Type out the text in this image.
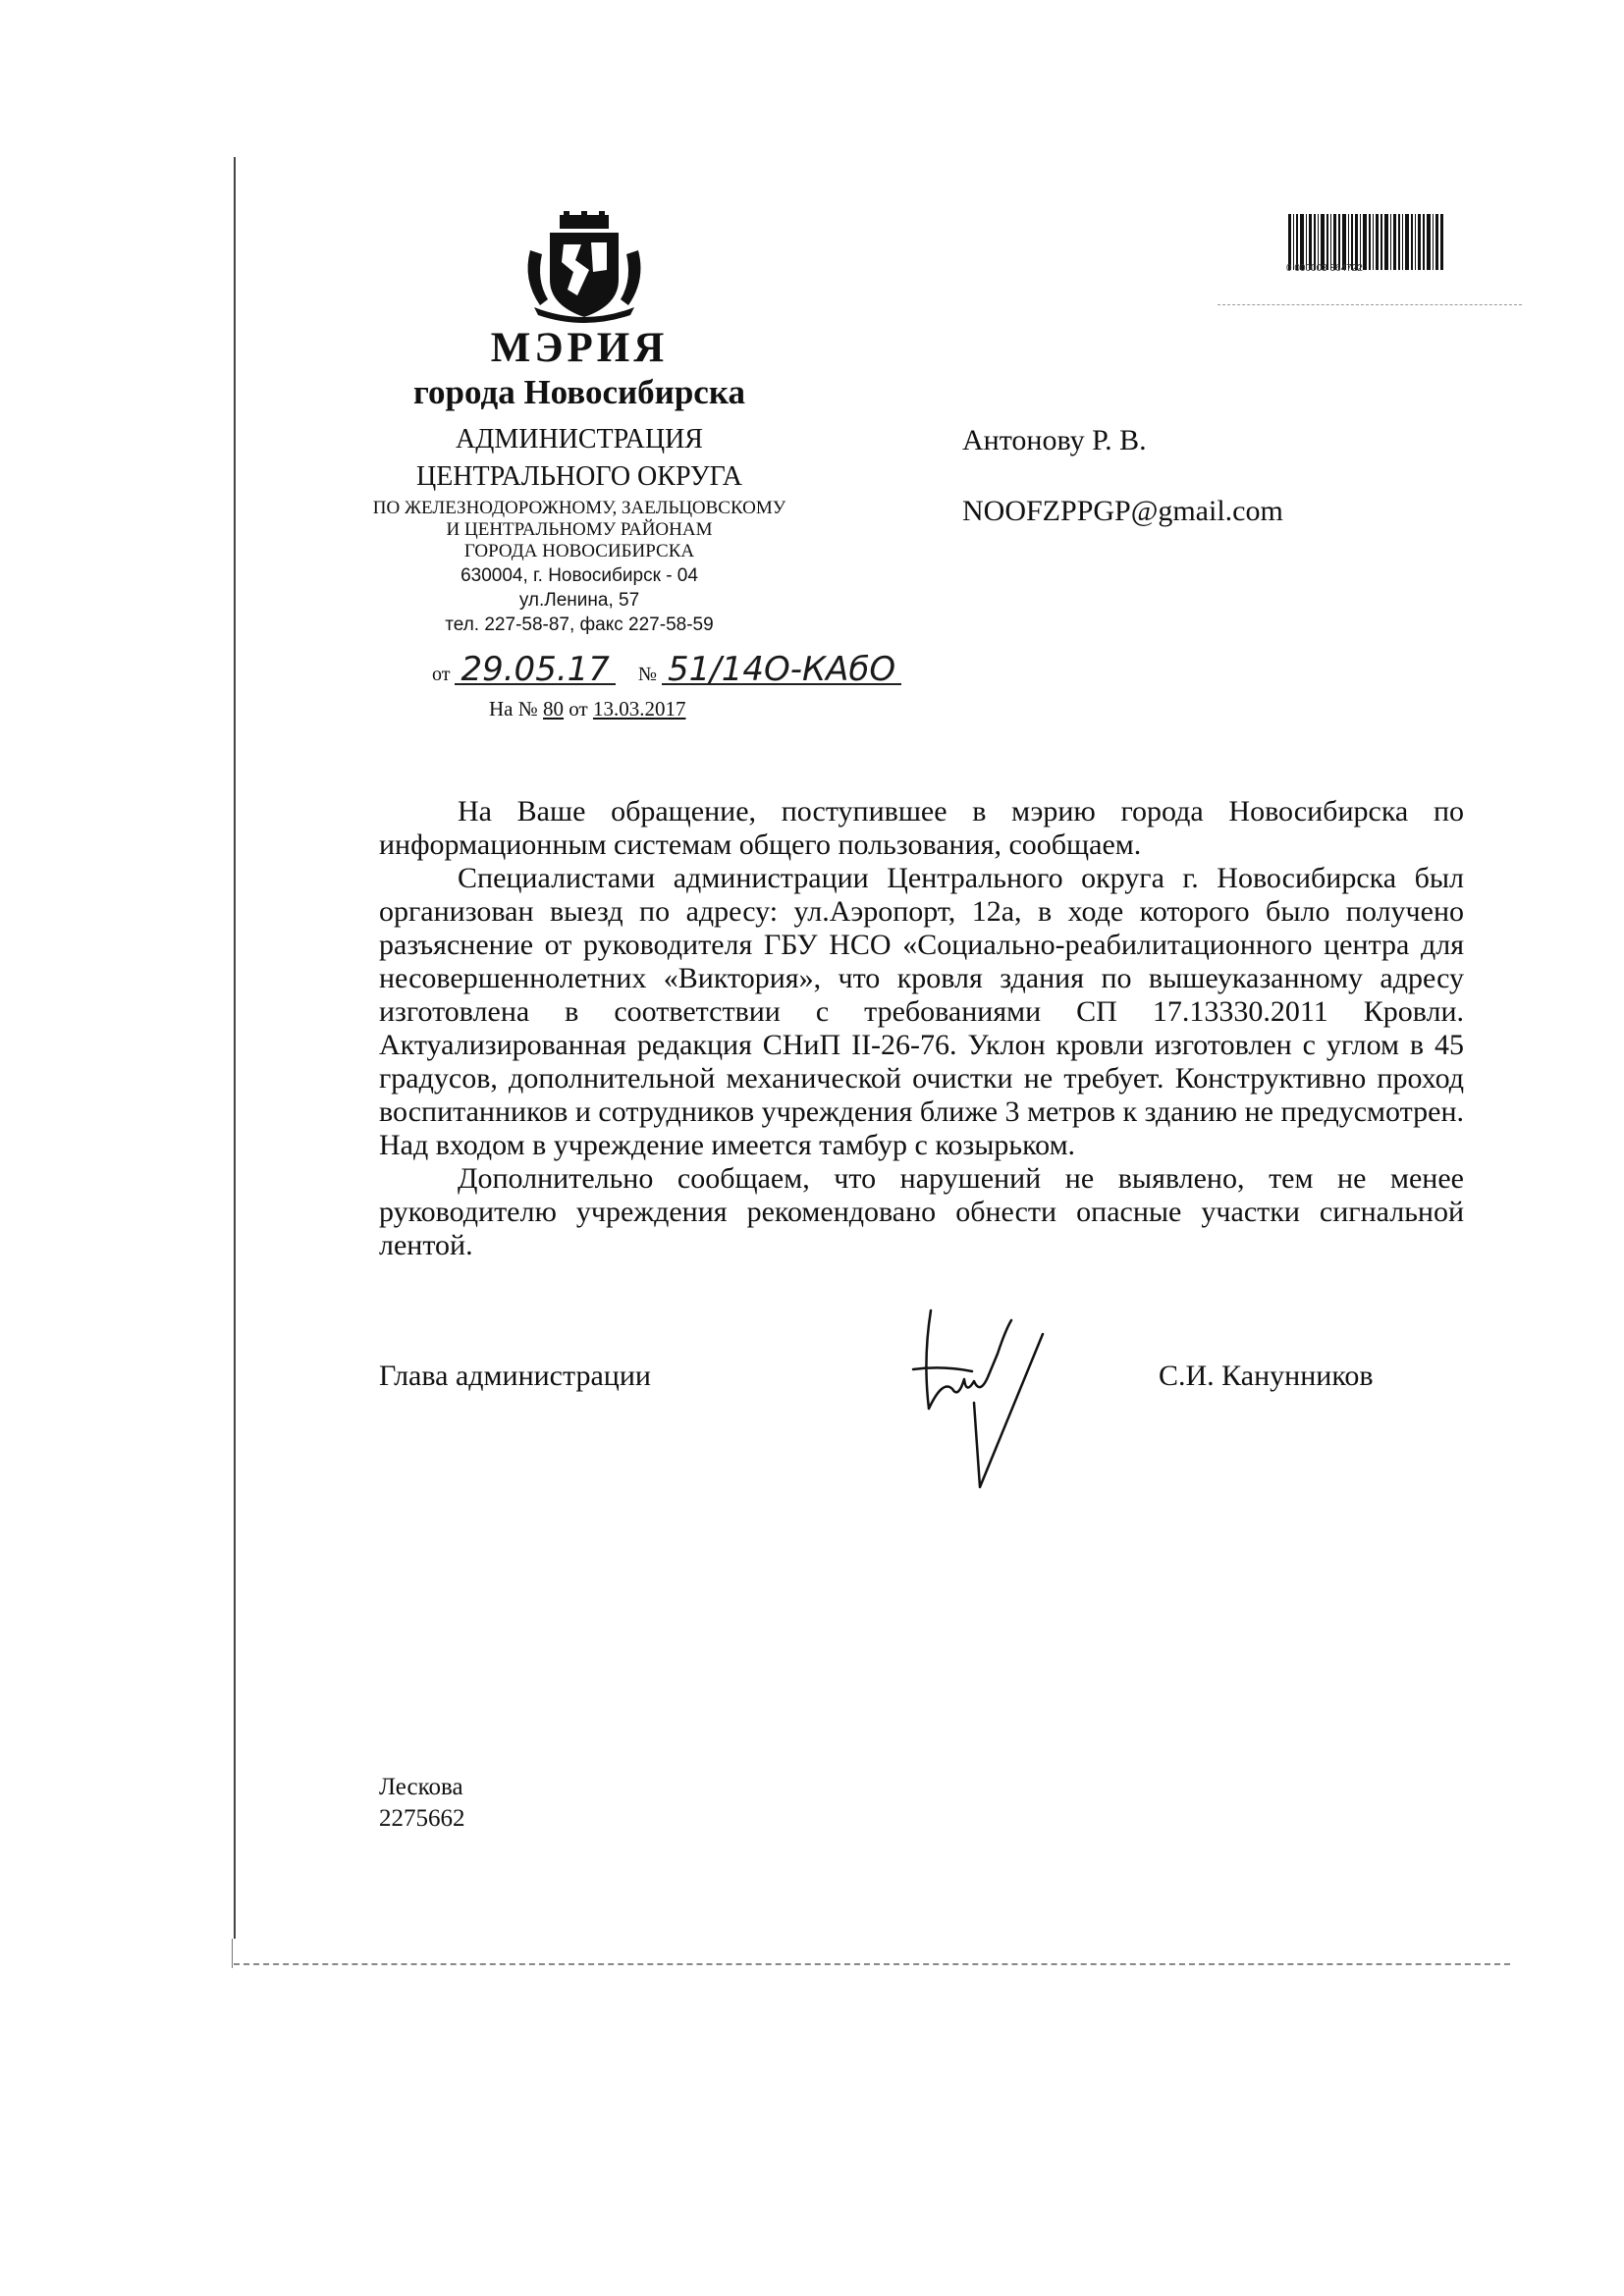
МЭРИЯ
города Новосибирска
АДМИНИСТРАЦИЯ
ЦЕНТРАЛЬНОГО ОКРУГА
ПО ЖЕЛЕЗНОДОРОЖНОМУ, ЗАЕЛЬЦОВСКОМУ
И ЦЕНТРАЛЬНОМУ РАЙОНАМ
ГОРОДА НОВОСИБИРСКА
630004, г. Новосибирск - 04
ул.Ленина, 57
тел. 227-58-87, факс 227-58-59
от 29.05.17 № 51/14О-КАбО
На № 80 от 13.03.2017
0 000003 864722
Антонову Р. В.
NOOFZPPGP@gmail.com

На Ваше обращение, поступившее в мэрию города Новосибирска по информационным системам общего пользования, сообщаем.

Специалистами администрации Центрального округа г. Новосибирска был организован выезд по адресу: ул.Аэропорт, 12а, в ходе которого было получено разъяснение от руководителя ГБУ НСО «Социально-реабилитационного центра для несовершеннолетних «Виктория», что кровля здания по вышеуказанному адресу изготовлена в соответствии с требованиями СП 17.13330.2011 Кровли. Актуализированная редакция СНиП II-26-76. Уклон кровли изготовлен с углом в 45 градусов, дополнительной механической очистки не требует. Конструктивно проход воспитанников и сотрудников учреждения ближе 3 метров к зданию не предусмотрен. Над входом в учреждение имеется тамбур с козырьком.

Дополнительно сообщаем, что нарушений не выявлено, тем не менее руководителю учреждения рекомендовано обнести опасные участки сигнальной лентой.

Глава администрации	С.И. Канунников
Лескова
2275662
